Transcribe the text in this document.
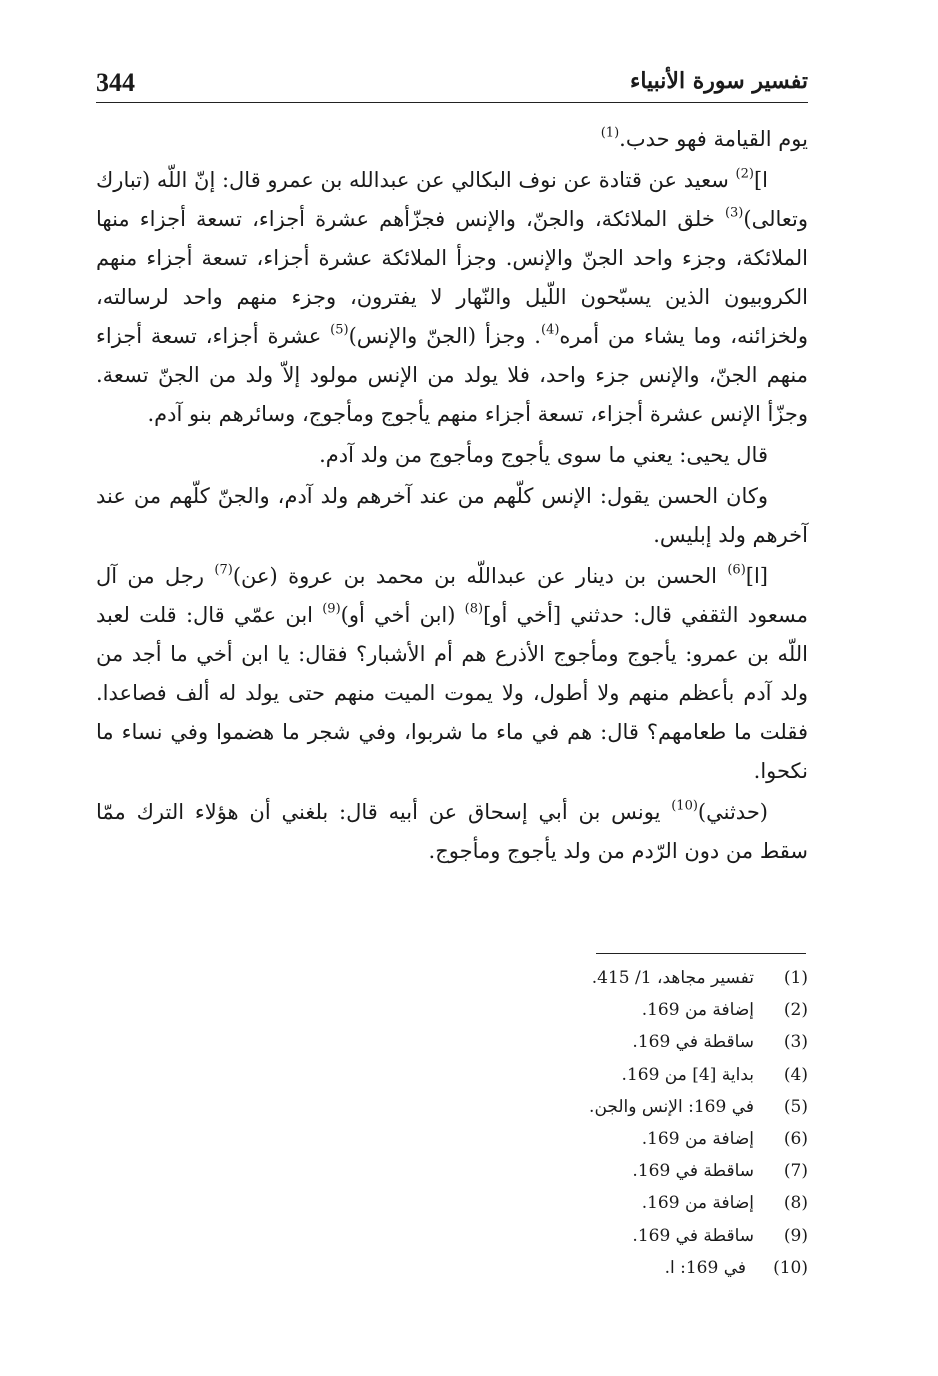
344	تفسير سورة الأنبياء

يوم القيامة فهو حدب.$^{(1)}$

ا]$^{(2)}$ سعيد عن قتادة عن نوف البكالي عن عبدالله بن عمرو قال: إنّ اللّه (تبارك وتعالى)$^{(3)}$ خلق الملائكة، والجنّ، والإنس فجزّأهم عشرة أجزاء، تسعة أجزاء منها الملائكة، وجزء واحد الجنّ والإنس. وجزأ الملائكة عشرة أجزاء، تسعة أجزاء منهم الكروبيون الذين يسبّحون اللّيل والنّهار لا يفترون، وجزء منهم واحد لرسالته، ولخزائنه، وما يشاء من أمره$^{(4)}$. وجزأ (الجنّ والإنس)$^{(5)}$ عشرة أجزاء، تسعة أجزاء منهم الجنّ، والإنس جزء واحد، فلا يولد من الإنس مولود إلاّ ولد من الجنّ تسعة. وجزّأ الإنس عشرة أجزاء، تسعة أجزاء منهم يأجوج ومأجوج، وسائرهم بنو آدم.

قال يحيى: يعني ما سوى يأجوج ومأجوج من ولد آدم.

وكان الحسن يقول: الإنس كلّهم من عند آخرهم ولد آدم، والجنّ كلّهم من عند آخرهم ولد إبليس.

[ا]$^{(6)}$ الحسن بن دينار عن عبداللّه بن محمد بن عروة (عن)$^{(7)}$ رجل من آل مسعود الثقفي قال: حدثني [أخي أو]$^{(8)}$ (ابن أخي أو)$^{(9)}$ ابن عمّي قال: قلت لعبد اللّه بن عمرو: يأجوج ومأجوج الأذرع هم أم الأشبار؟ فقال: يا ابن أخي ما أجد من ولد آدم بأعظم منهم ولا أطول، ولا يموت الميت منهم حتى يولد له ألف فصاعدا. فقلت ما طعامهم؟ قال: هم في ماء ما شربوا، وفي شجر ما هضموا وفي نساء ما نكحوا.

(حدثني)$^{(10)}$ يونس بن أبي إسحاق عن أبيه قال: بلغني أن هؤلاء الترك ممّا سقط من دون الرّدم من ولد يأجوج ومأجوج.

(1)
تفسير مجاهد، 1/ 415.
(2)
إضافة من 169.
(3)
ساقطة في 169.
(4)
بداية [4] من 169.
(5)
في 169: الإنس والجن.
(6)
إضافة من 169.
(7)
ساقطة في 169.
(8)
إضافة من 169.
(9)
ساقطة في 169.
(10)
في 169: ا.
